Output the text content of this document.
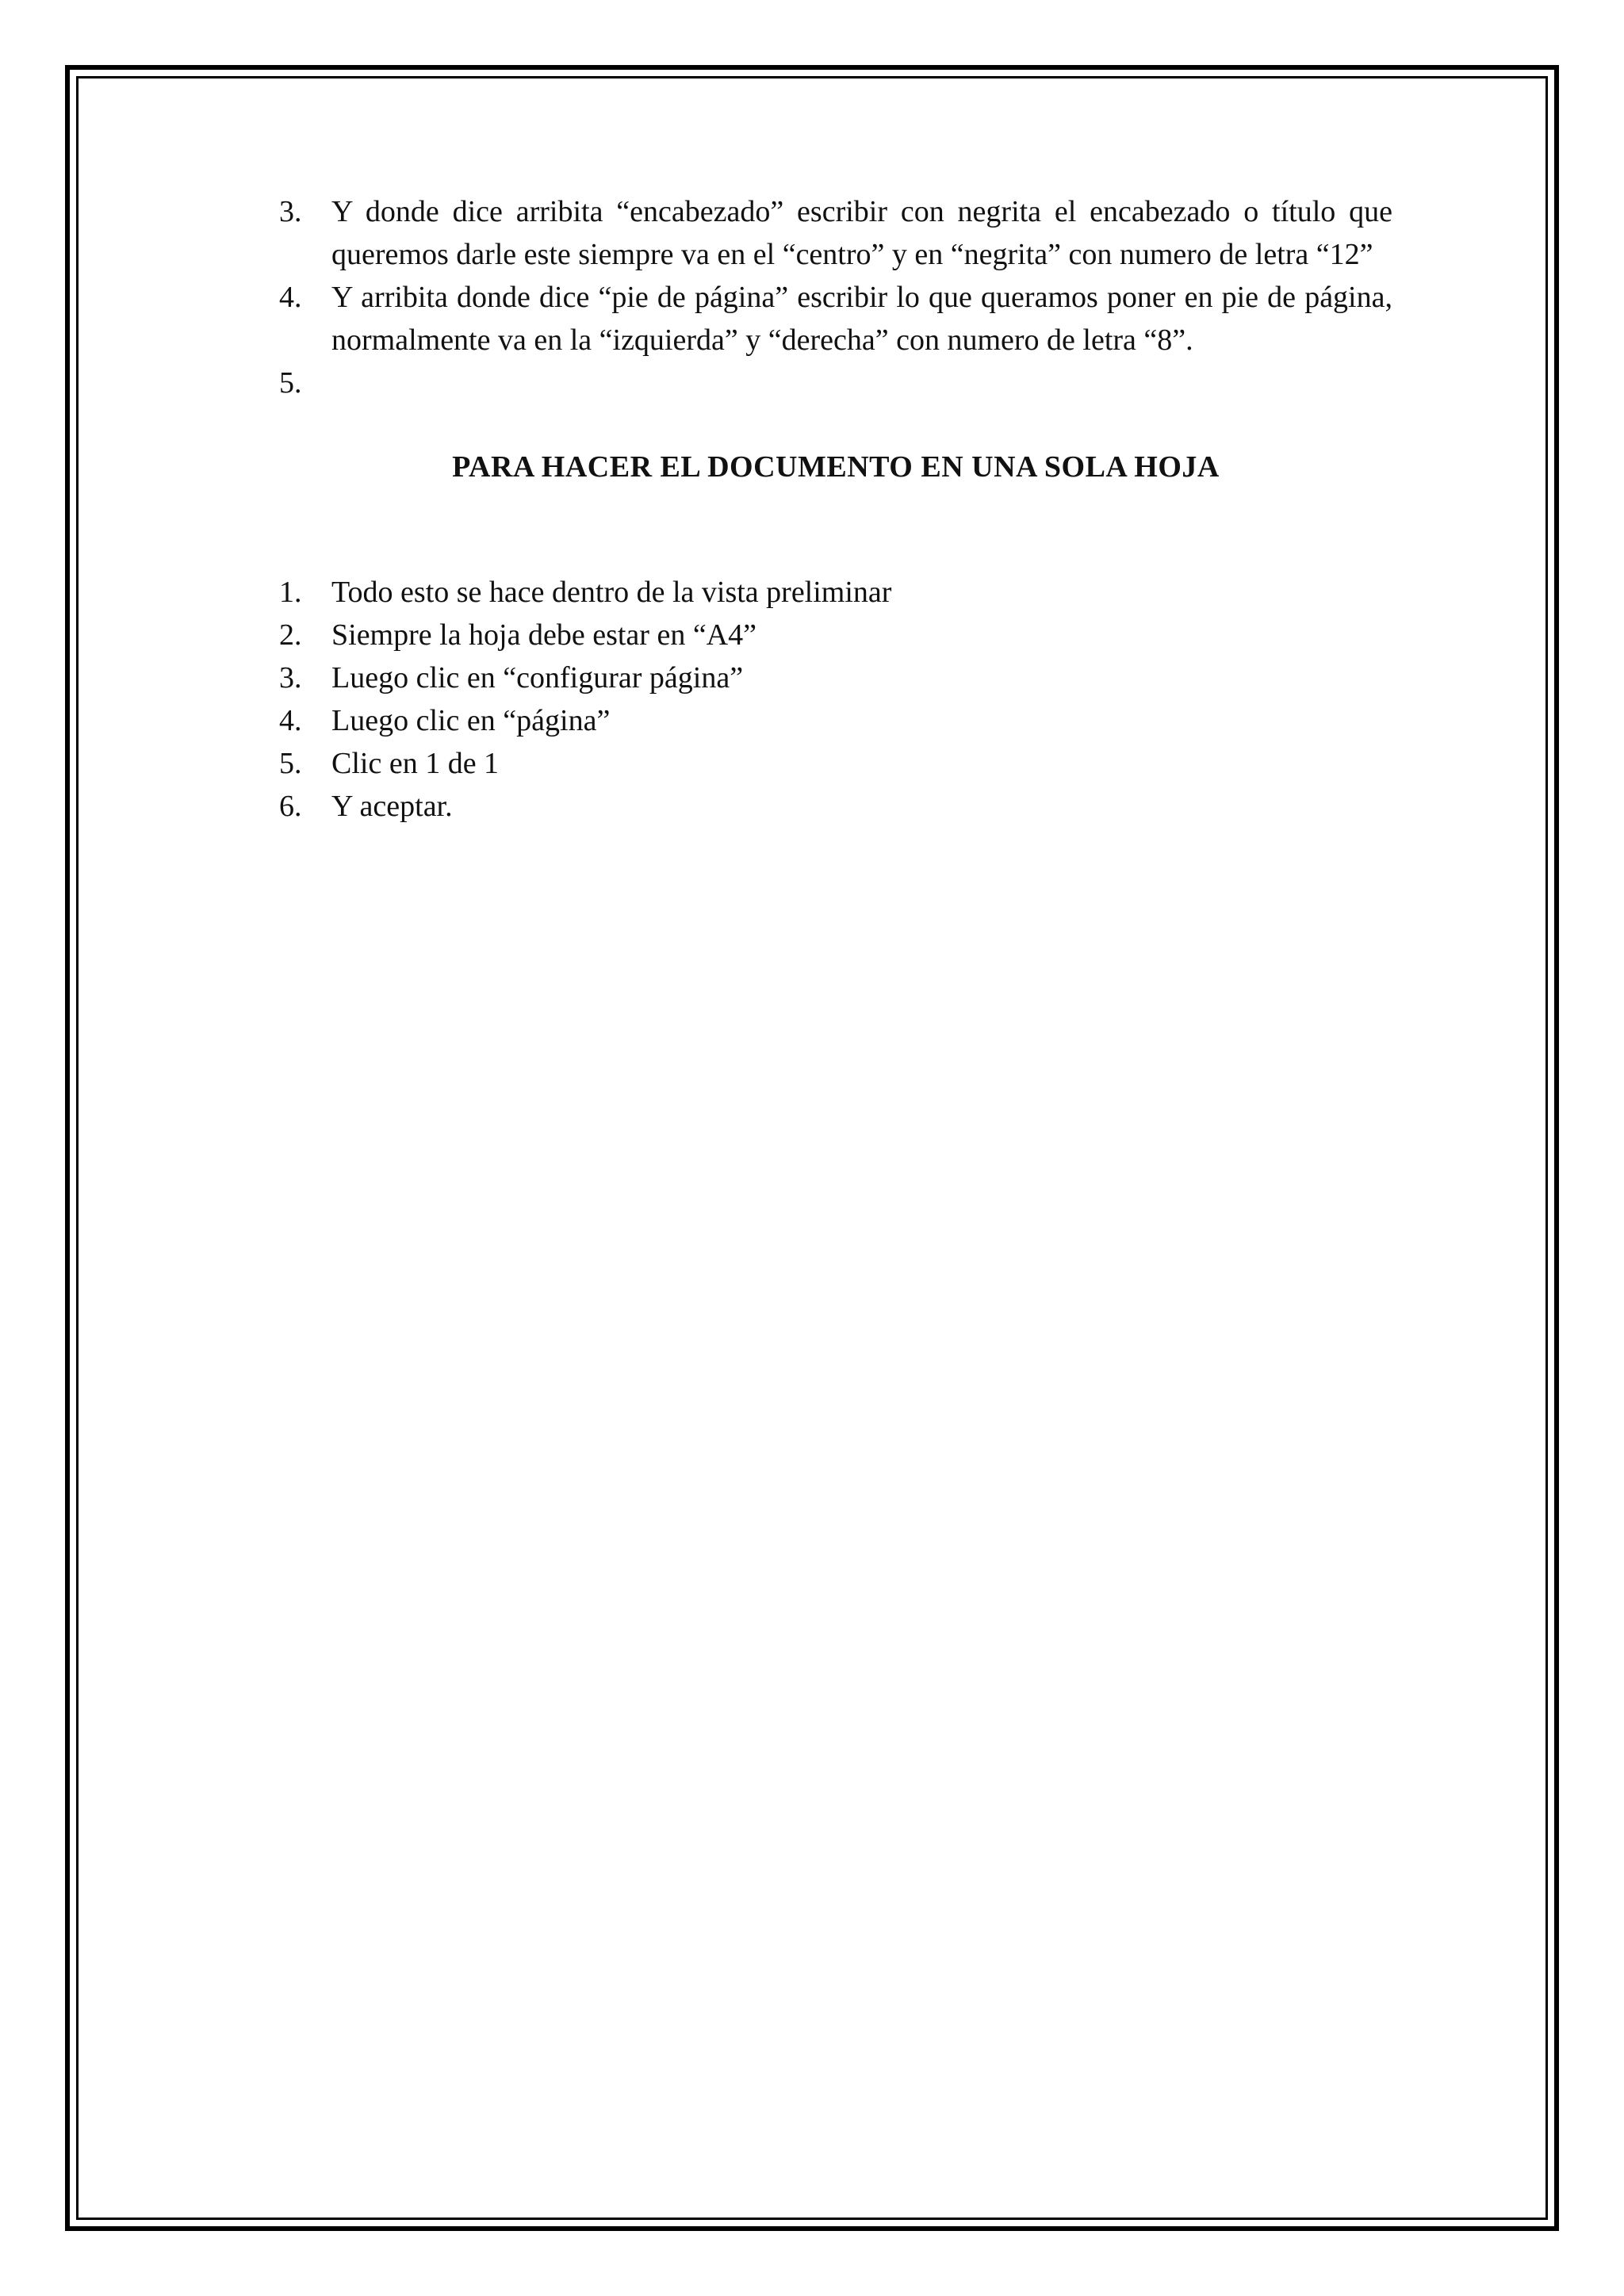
3. Y donde dice arribita “encabezado” escribir con negrita el encabezado o título que queremos darle este siempre va en el “centro” y en “negrita” con numero de letra “12”
4. Y arribita donde dice “pie de página” escribir lo que queramos poner en pie de página, normalmente va en la “izquierda” y “derecha” con numero de letra “8”.
5.

PARA HACER EL DOCUMENTO EN UNA SOLA HOJA
1. Todo esto se hace dentro de la vista preliminar
2. Siempre la hoja debe estar en “A4”
3. Luego clic en “configurar página”
4. Luego clic en “página”
5. Clic en 1 de 1
6. Y aceptar.
